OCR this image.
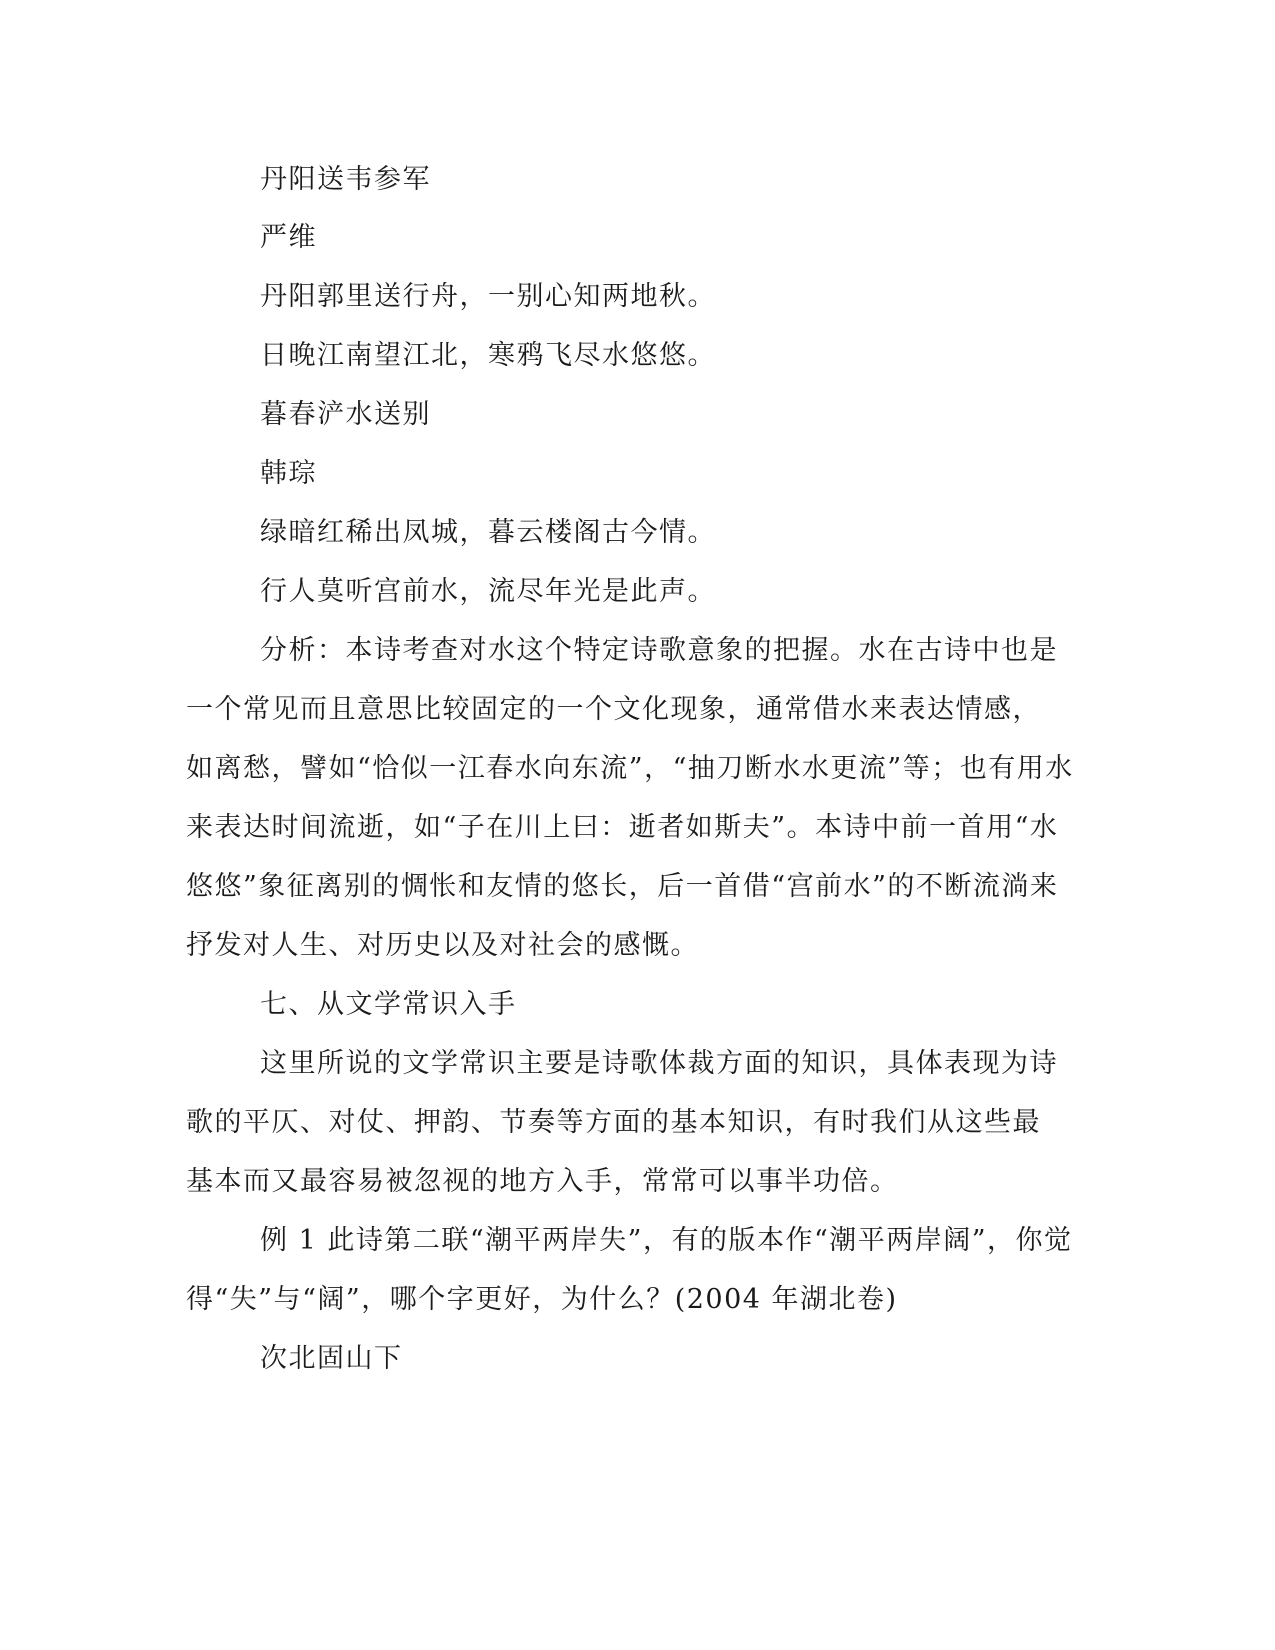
丹阳送韦参军
严维
丹阳郭里送行舟，一别心知两地秋。
日晚江南望江北，寒鸦飞尽水悠悠。
暮春浐水送别
韩琮
绿暗红稀出凤城，暮云楼阁古今情。
行人莫听宫前水，流尽年光是此声。
分析：本诗考查对水这个特定诗歌意象的把握。水在古诗中也是
一个常见而且意思比较固定的一个文化现象，通常借水来表达情感，
如离愁，譬如“恰似一江春水向东流”，“抽刀断水水更流”等；也有用水
来表达时间流逝，如“子在川上曰：逝者如斯夫”。本诗中前一首用“水
悠悠”象征离别的惆怅和友情的悠长，后一首借“宫前水”的不断流淌来
抒发对人生、对历史以及对社会的感慨。
七、从文学常识入手
这里所说的文学常识主要是诗歌体裁方面的知识，具体表现为诗
歌的平仄、对仗、押韵、节奏等方面的基本知识，有时我们从这些最
基本而又最容易被忽视的地方入手，常常可以事半功倍。
例 1 此诗第二联“潮平两岸失”，有的版本作“潮平两岸阔”，你觉
得“失”与“阔”，哪个字更好，为什么？(2004 年湖北卷)
次北固山下
